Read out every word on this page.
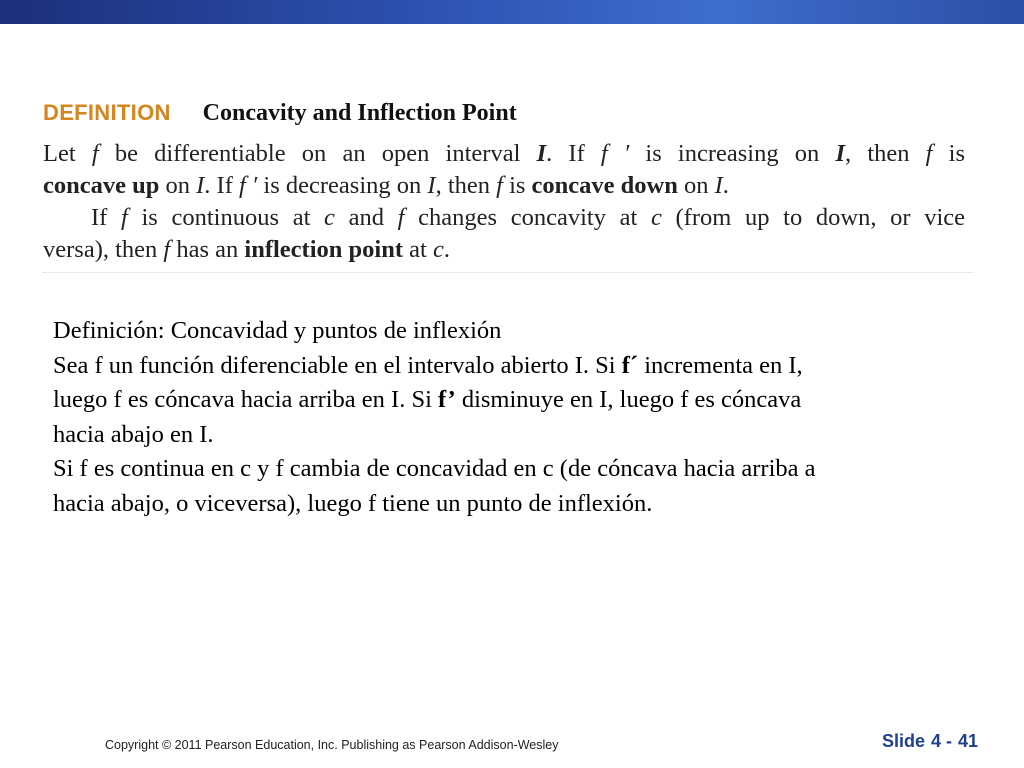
DEFINITION Concavity and Inflection Point
Let f be differentiable on an open interval I. If f ′ is increasing on I, then f is
concave up on I. If f ′ is decreasing on I, then f is concave down on I.
If f is continuous at c and f changes concavity at c (from up to down, or vice
versa), then f has an inflection point at c.
Definición: Concavidad y puntos de inflexión
Sea f un función diferenciable en el intervalo abierto I. Si f´ incrementa en I,
luego f es cóncava hacia arriba en I. Si f’ disminuye en I, luego f es cóncava
hacia abajo en I.
Si f es continua en c y f cambia de concavidad en c (de cóncava hacia arriba a
hacia abajo, o viceversa), luego f tiene un punto de inflexión.
Copyright © 2011 Pearson Education, Inc. Publishing as Pearson Addison-Wesley	Slide 4 - 41
